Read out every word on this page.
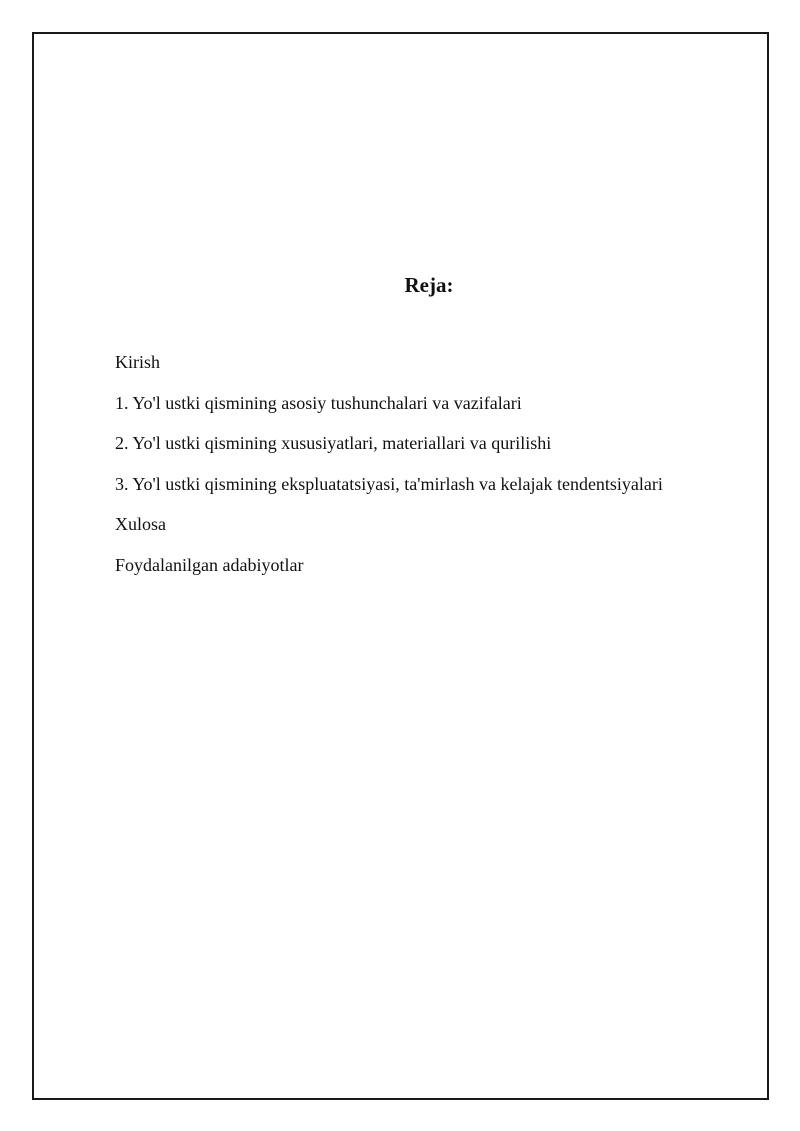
Reja:
Kirish
1. Yo'l ustki qismining asosiy tushunchalari va vazifalari
2. Yo'l ustki qismining xususiyatlari, materiallari va qurilishi
3. Yo'l ustki qismining ekspluatatsiyasi, ta'mirlash va kelajak tendentsiyalari
Xulosa
Foydalanilgan adabiyotlar
